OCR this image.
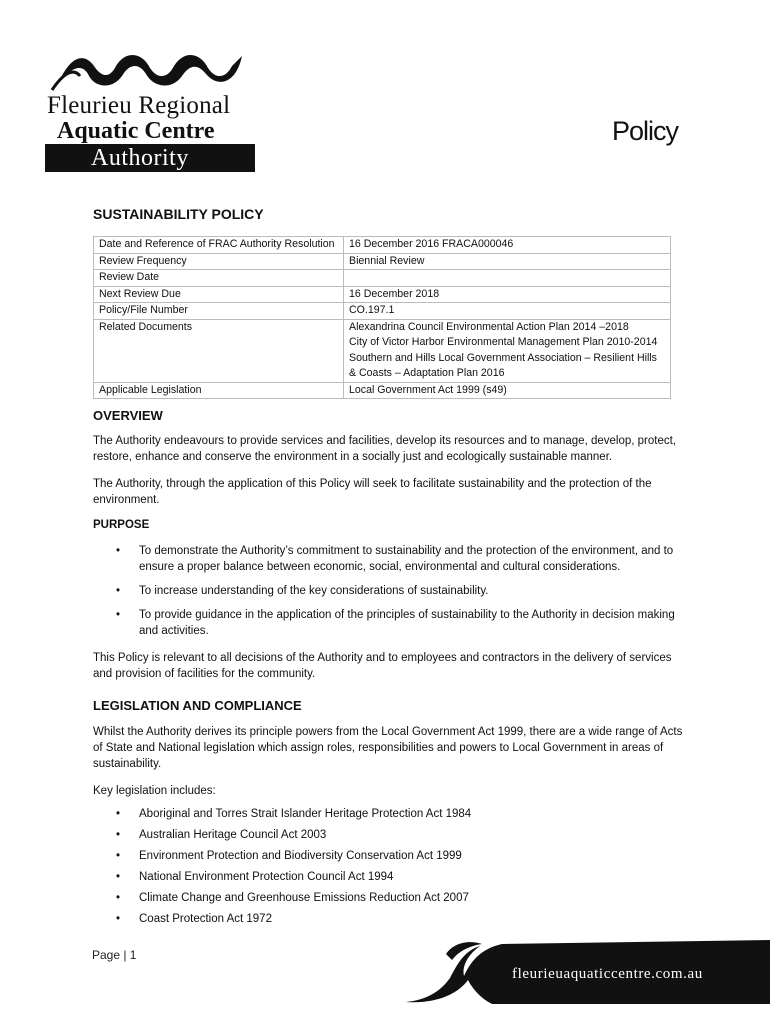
Fleurieu Regional
Aquatic Centre
Authority
Policy
SUSTAINABILITY POLICY
Date and Reference of FRAC Authority Resolution	16 December 2016 FRACA000046

Review Frequency	Biennial Review

Review Date	

Next Review Due	16 December 2018

Policy/File Number	CO.197.1

Related Documents	Alexandrina Council Environmental Action Plan 2014 –2018
City of Victor Harbor Environmental Management Plan 2010-2014
Southern and Hills Local Government Association – Resilient Hills
& Coasts – Adaptation Plan 2016

Applicable Legislation	Local Government Act 1999 (s49)
OVERVIEW
The Authority endeavours to provide services and facilities, develop its resources and to manage, develop, protect, restore, enhance and conserve the environment in a socially just and ecologically sustainable manner.
The Authority, through the application of this Policy will seek to facilitate sustainability and the protection of the environment.
PURPOSE
• To demonstrate the Authority’s commitment to sustainability and the protection of the environment, and to ensure a proper balance between economic, social, environmental and cultural considerations.
• To increase understanding of the key considerations of sustainability.
• To provide guidance in the application of the principles of sustainability to the Authority in decision making and activities.
This Policy is relevant to all decisions of the Authority and to employees and contractors in the delivery of services and provision of facilities for the community.
LEGISLATION AND COMPLIANCE
Whilst the Authority derives its principle powers from the Local Government Act 1999, there are a wide range of Acts of State and National legislation which assign roles, responsibilities and powers to Local Government in areas of sustainability.
Key legislation includes:
• Aboriginal and Torres Strait Islander Heritage Protection Act 1984
• Australian Heritage Council Act 2003
• Environment Protection and Biodiversity Conservation Act 1999
• National Environment Protection Council Act 1994
• Climate Change and Greenhouse Emissions Reduction Act 2007
• Coast Protection Act 1972
Page | 1
fleurieuaquaticcentre.com.au
